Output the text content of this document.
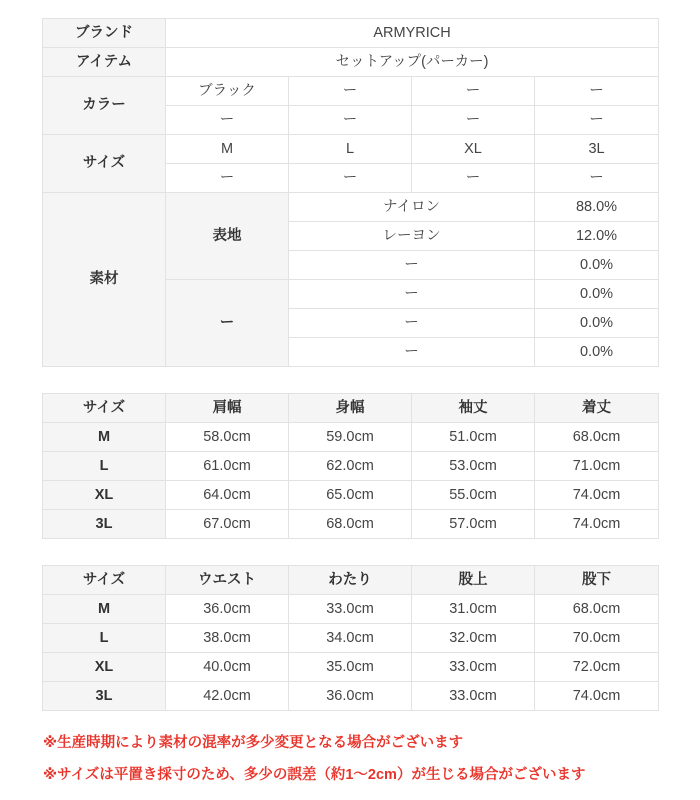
ブランド	ARMYRICH			
アイテム	セットアップ(パーカー)			
カラー	ブラック	ー	ー	ー
	ー	ー	ー	ー
サイズ	M	L	XL	3L
	ー	ー	ー	ー
素材	表地	ナイロン		88.0%
		レーヨン		12.0%
		ー		0.0%
	ー	ー		0.0%
		ー		0.0%
		ー		0.0%
サイズ	肩幅	身幅	袖丈	着丈
M	58.0cm	59.0cm	51.0cm	68.0cm
L	61.0cm	62.0cm	53.0cm	71.0cm
XL	64.0cm	65.0cm	55.0cm	74.0cm
3L	67.0cm	68.0cm	57.0cm	74.0cm
サイズ	ウエスト	わたり	股上	股下
M	36.0cm	33.0cm	31.0cm	68.0cm
L	38.0cm	34.0cm	32.0cm	70.0cm
XL	40.0cm	35.0cm	33.0cm	72.0cm
3L	42.0cm	36.0cm	33.0cm	74.0cm
※生産時期により素材の混率が多少変更となる場合がございます
※サイズは平置き採寸のため、多少の誤差（約1〜2cm）が生じる場合がございます
